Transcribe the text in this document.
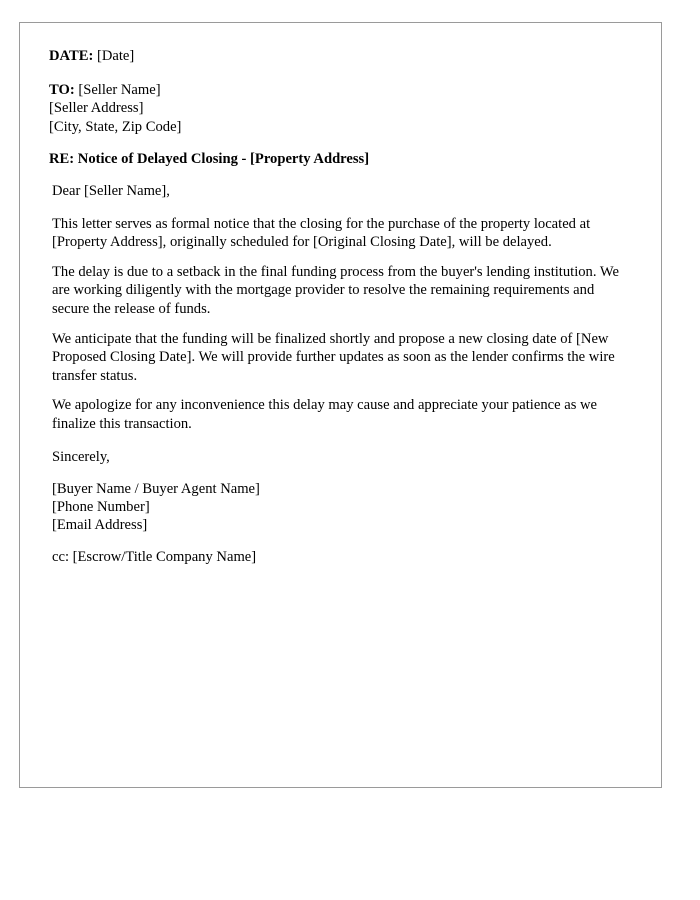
DATE: [Date]
TO: [Seller Name]
[Seller Address]
[City, State, Zip Code]
RE: Notice of Delayed Closing - [Property Address]
Dear [Seller Name],
This letter serves as formal notice that the closing for the purchase of the property located at [Property Address], originally scheduled for [Original Closing Date], will be delayed.
The delay is due to a setback in the final funding process from the buyer's lending institution. We are working diligently with the mortgage provider to resolve the remaining requirements and secure the release of funds.
We anticipate that the funding will be finalized shortly and propose a new closing date of [New Proposed Closing Date]. We will provide further updates as soon as the lender confirms the wire transfer status.
We apologize for any inconvenience this delay may cause and appreciate your patience as we finalize this transaction.
Sincerely,
[Buyer Name / Buyer Agent Name]
[Phone Number]
[Email Address]
cc: [Escrow/Title Company Name]
